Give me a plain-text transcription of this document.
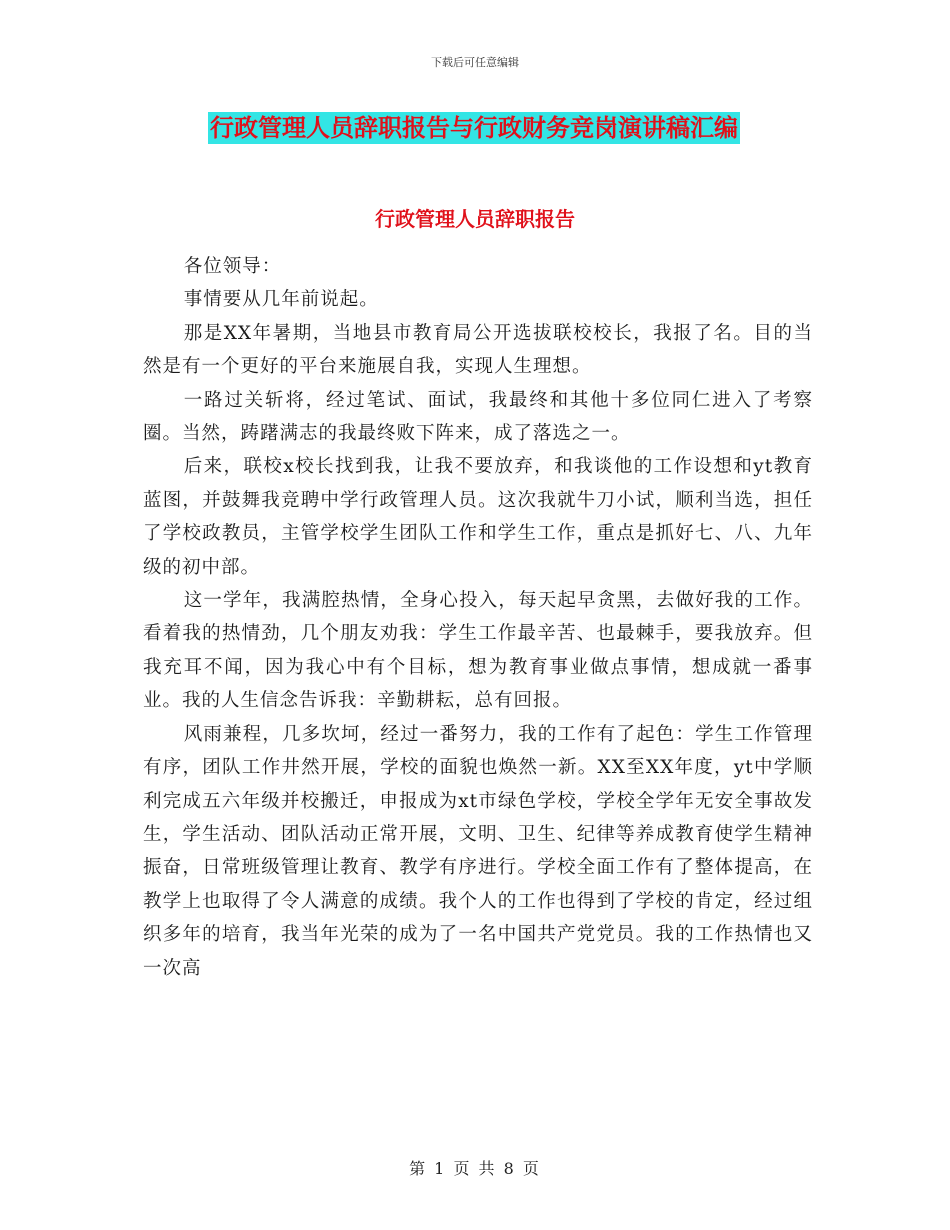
下载后可任意编辑
行政管理人员辞职报告与行政财务竞岗演讲稿汇编
行政管理人员辞职报告

各位领导：

事情要从几年前说起。

那是XX年暑期，当地县市教育局公开选拔联校校长，我报了名。目的当然是有一个更好的平台来施展自我，实现人生理想。

一路过关斩将，经过笔试、面试，我最终和其他十多位同仁进入了考察圈。当然，踌躇满志的我最终败下阵来，成了落选之一。

后来，联校x校长找到我，让我不要放弃，和我谈他的工作设想和yt教育蓝图，并鼓舞我竞聘中学行政管理人员。这次我就牛刀小试，顺利当选，担任了学校政教员，主管学校学生团队工作和学生工作，重点是抓好七、八、九年级的初中部。

这一学年，我满腔热情，全身心投入，每天起早贪黑，去做好我的工作。看着我的热情劲，几个朋友劝我：学生工作最辛苦、也最棘手，要我放弃。但我充耳不闻，因为我心中有个目标，想为教育事业做点事情，想成就一番事业。我的人生信念告诉我：辛勤耕耘，总有回报。

风雨兼程，几多坎坷，经过一番努力，我的工作有了起色：学生工作管理有序，团队工作井然开展，学校的面貌也焕然一新。XX至XX年度，yt中学顺利完成五六年级并校搬迁，申报成为xt市绿色学校，学校全学年无安全事故发生，学生活动、团队活动正常开展，文明、卫生、纪律等养成教育使学生精神振奋，日常班级管理让教育、教学有序进行。学校全面工作有了整体提高，在教学上也取得了令人满意的成绩。我个人的工作也得到了学校的肯定，经过组织多年的培育，我当年光荣的成为了一名中国共产党党员。我的工作热情也又一次高

第 1 页 共 8 页
